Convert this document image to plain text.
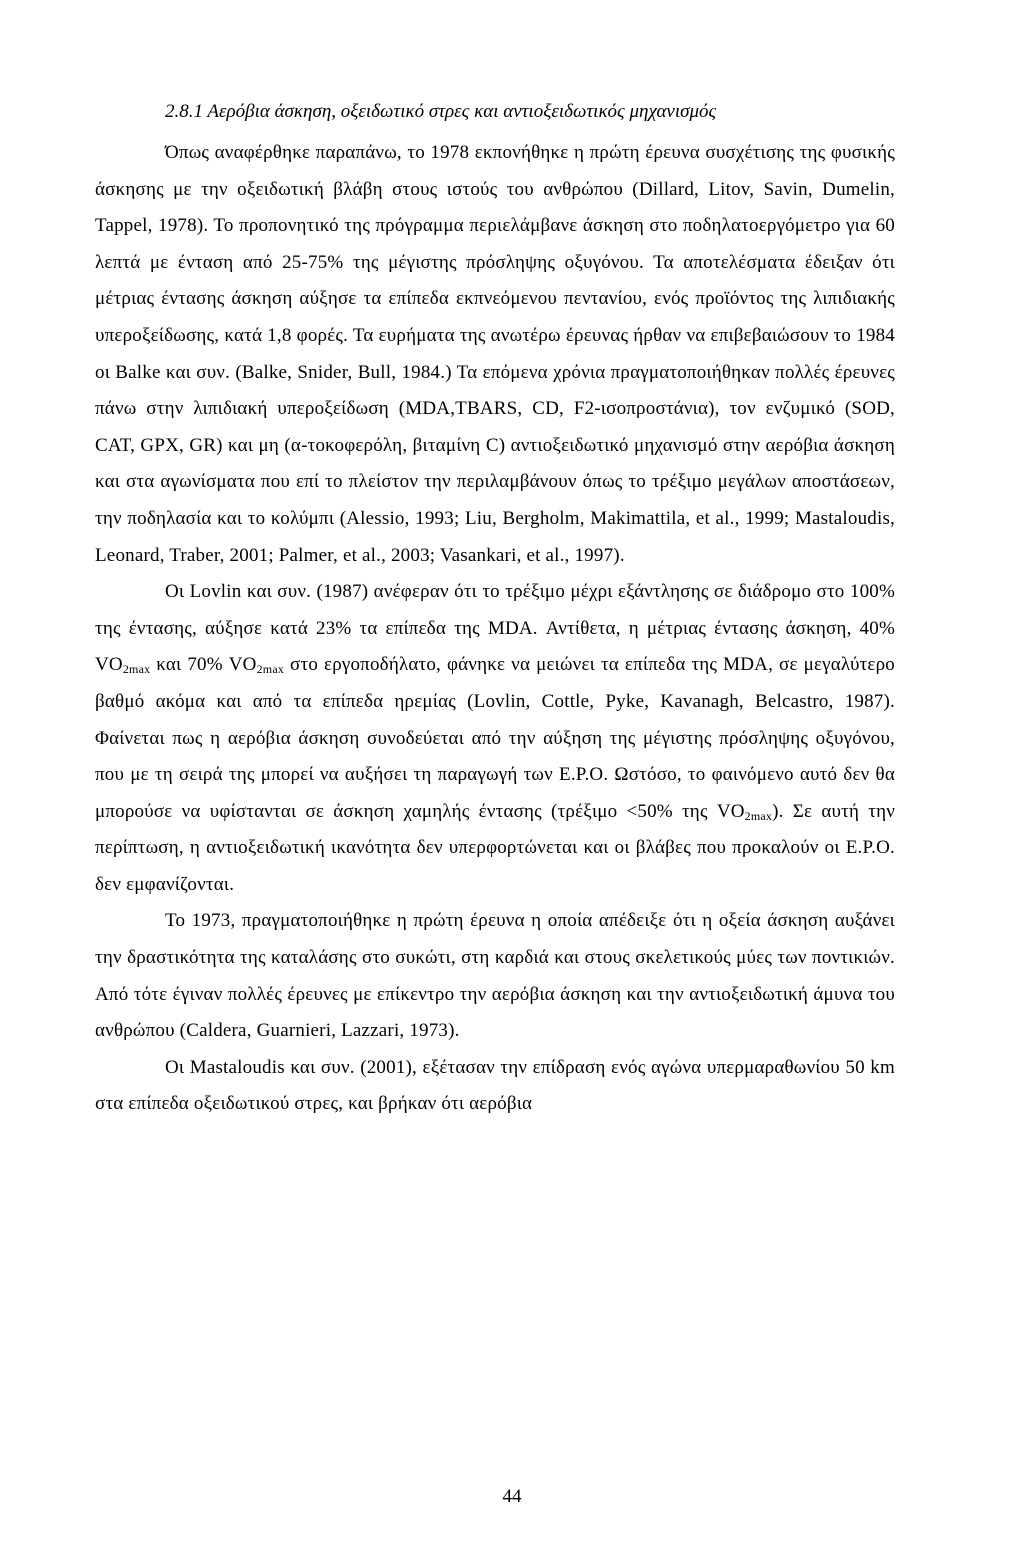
2.8.1 Αερόβια άσκηση, οξειδωτικό στρες και αντιοξειδωτικός μηχανισμός

Όπως αναφέρθηκε παραπάνω, το 1978 εκπονήθηκε η πρώτη έρευνα συσχέτισης της φυσικής άσκησης με την οξειδωτική βλάβη στους ιστούς του ανθρώπου (Dillard, Litov, Savin, Dumelin, Tappel, 1978). Το προπονητικό της πρόγραμμα περιελάμβανε άσκηση στο ποδηλατοεργόμετρο για 60 λεπτά με ένταση από 25-75% της μέγιστης πρόσληψης οξυγόνου. Τα αποτελέσματα έδειξαν ότι μέτριας έντασης άσκηση αύξησε τα επίπεδα εκπνεόμενου πεντανίου, ενός προϊόντος της λιπιδιακής υπεροξείδωσης, κατά 1,8 φορές. Τα ευρήματα της ανωτέρω έρευνας ήρθαν να επιβεβαιώσουν το 1984 οι Balke και συν. (Balke, Snider, Bull, 1984.) Τα επόμενα χρόνια πραγματοποιήθηκαν πολλές έρευνες πάνω στην λιπιδιακή υπεροξείδωση (MDA,TBARS, CD, F2-ισοπροστάνια), τον ενζυμικό (SOD, CAT, GPX, GR) και μη (α-τοκοφερόλη, βιταμίνη C) αντιοξειδωτικό μηχανισμό στην αερόβια άσκηση και στα αγωνίσματα που επί το πλείστον την περιλαμβάνουν όπως το τρέξιμο μεγάλων αποστάσεων, την ποδηλασία και το κολύμπι (Alessio, 1993; Liu, Bergholm, Makimattila, et al., 1999; Mastaloudis, Leonard, Traber, 2001; Palmer, et al., 2003; Vasankari, et al., 1997).

Οι Lovlin και συν. (1987) ανέφεραν ότι το τρέξιμο μέχρι εξάντλησης σε διάδρομο στο 100% της έντασης, αύξησε κατά 23% τα επίπεδα της MDA. Αντίθετα, η μέτριας έντασης άσκηση, 40% $VO_{2max}$ και 70% $VO_{2max}$ στο εργοποδήλατο, φάνηκε να μειώνει τα επίπεδα της MDA, σε μεγαλύτερο βαθμό ακόμα και από τα επίπεδα ηρεμίας (Lovlin, Cottle, Pyke, Kavanagh, Belcastro, 1987). Φαίνεται πως η αερόβια άσκηση συνοδεύεται από την αύξηση της μέγιστης πρόσληψης οξυγόνου, που με τη σειρά της μπορεί να αυξήσει τη παραγωγή των Ε.Ρ.Ο. Ωστόσο, το φαινόμενο αυτό δεν θα μπορούσε να υφίστανται σε άσκηση χαμηλής έντασης (τρέξιμο <50% της $VO_{2max}$). Σε αυτή την περίπτωση, η αντιοξειδωτική ικανότητα δεν υπερφορτώνεται και οι βλάβες που προκαλούν οι Ε.Ρ.Ο. δεν εμφανίζονται.

Το 1973, πραγματοποιήθηκε η πρώτη έρευνα η οποία απέδειξε ότι η οξεία άσκηση αυξάνει την δραστικότητα της καταλάσης στο συκώτι, στη καρδιά και στους σκελετικούς μύες των ποντικιών. Από τότε έγιναν πολλές έρευνες με επίκεντρο την αερόβια άσκηση και την αντιοξειδωτική άμυνα του ανθρώπου (Caldera, Guarnieri, Lazzari, 1973).

Οι Mastaloudis και συν. (2001), εξέτασαν την επίδραση ενός αγώνα υπερμαραθωνίου 50 km στα επίπεδα οξειδωτικού στρες, και βρήκαν ότι αερόβια

44
